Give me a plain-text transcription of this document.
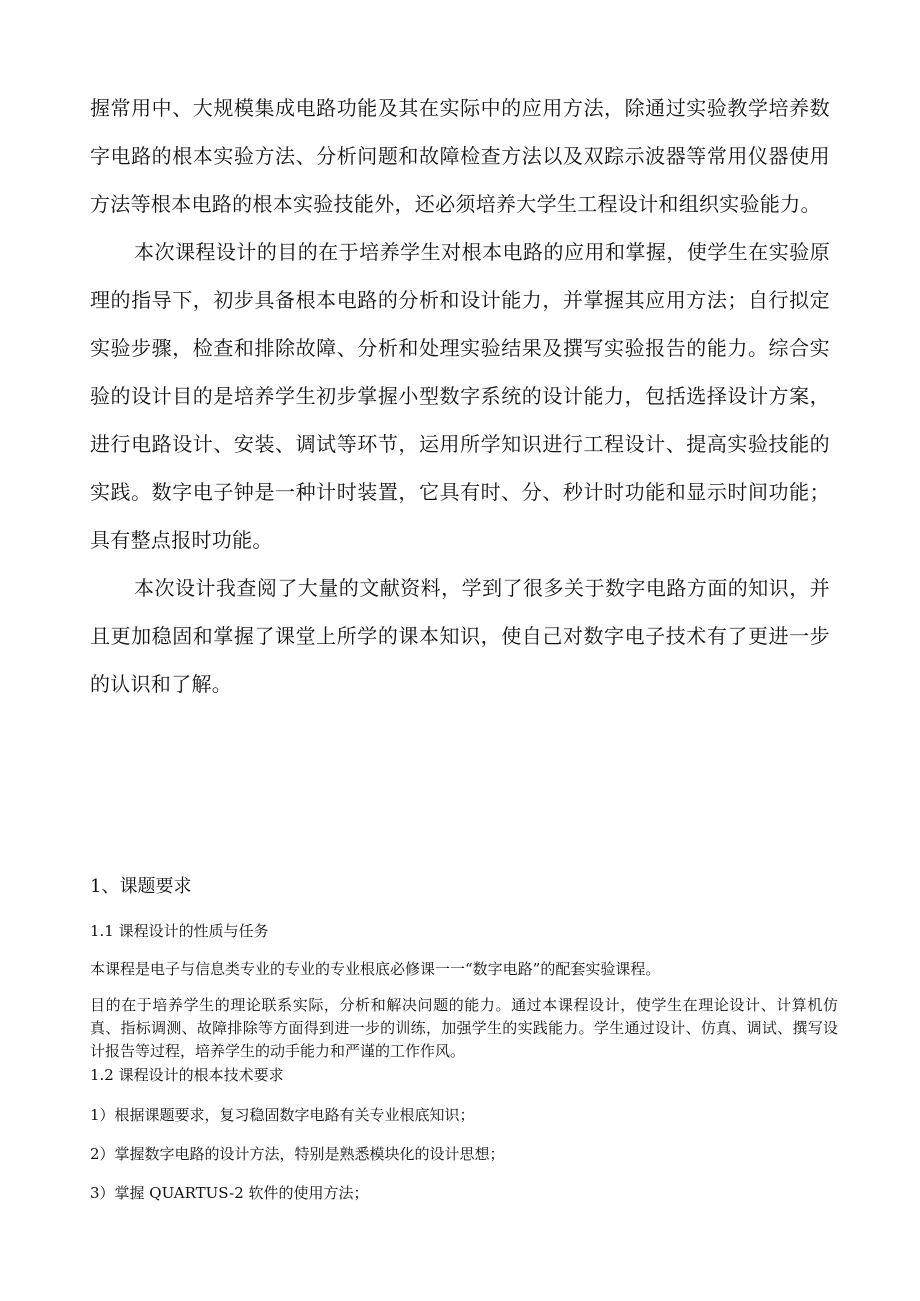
握常用中、大规模集成电路功能及其在实际中的应用方法，除通过实验教学培养数字电路的根本实验方法、分析问题和故障检查方法以及双踪示波器等常用仪器使用方法等根本电路的根本实验技能外，还必须培养大学生工程设计和组织实验能力。

本次课程设计的目的在于培养学生对根本电路的应用和掌握，使学生在实验原理的指导下，初步具备根本电路的分析和设计能力，并掌握其应用方法；自行拟定实验步骤，检查和排除故障、分析和处理实验结果及撰写实验报告的能力。综合实验的设计目的是培养学生初步掌握小型数字系统的设计能力，包括选择设计方案，进行电路设计、安装、调试等环节，运用所学知识进行工程设计、提高实验技能的实践。数字电子钟是一种计时装置，它具有时、分、秒计时功能和显示时间功能；具有整点报时功能。

本次设计我查阅了大量的文献资料，学到了很多关于数字电路方面的知识，并且更加稳固和掌握了课堂上所学的课本知识，使自己对数字电子技术有了更进一步的认识和了解。

1、课题要求

1.1 课程设计的性质与任务

本课程是电子与信息类专业的专业的专业根底必修课一一“数字电路”的配套实验课程。

目的在于培养学生的理论联系实际，分析和解决问题的能力。通过本课程设计，使学生在理论设计、计算机仿真、指标调测、故障排除等方面得到进一步的训练，加强学生的实践能力。学生通过设计、仿真、调试、撰写设计报告等过程，培养学生的动手能力和严谨的工作作风。

1.2 课程设计的根本技术要求

1）根据课题要求，复习稳固数字电路有关专业根底知识；

2）掌握数字电路的设计方法，特别是熟悉模块化的设计思想；

3）掌握 QUARTUS-2 软件的使用方法；
